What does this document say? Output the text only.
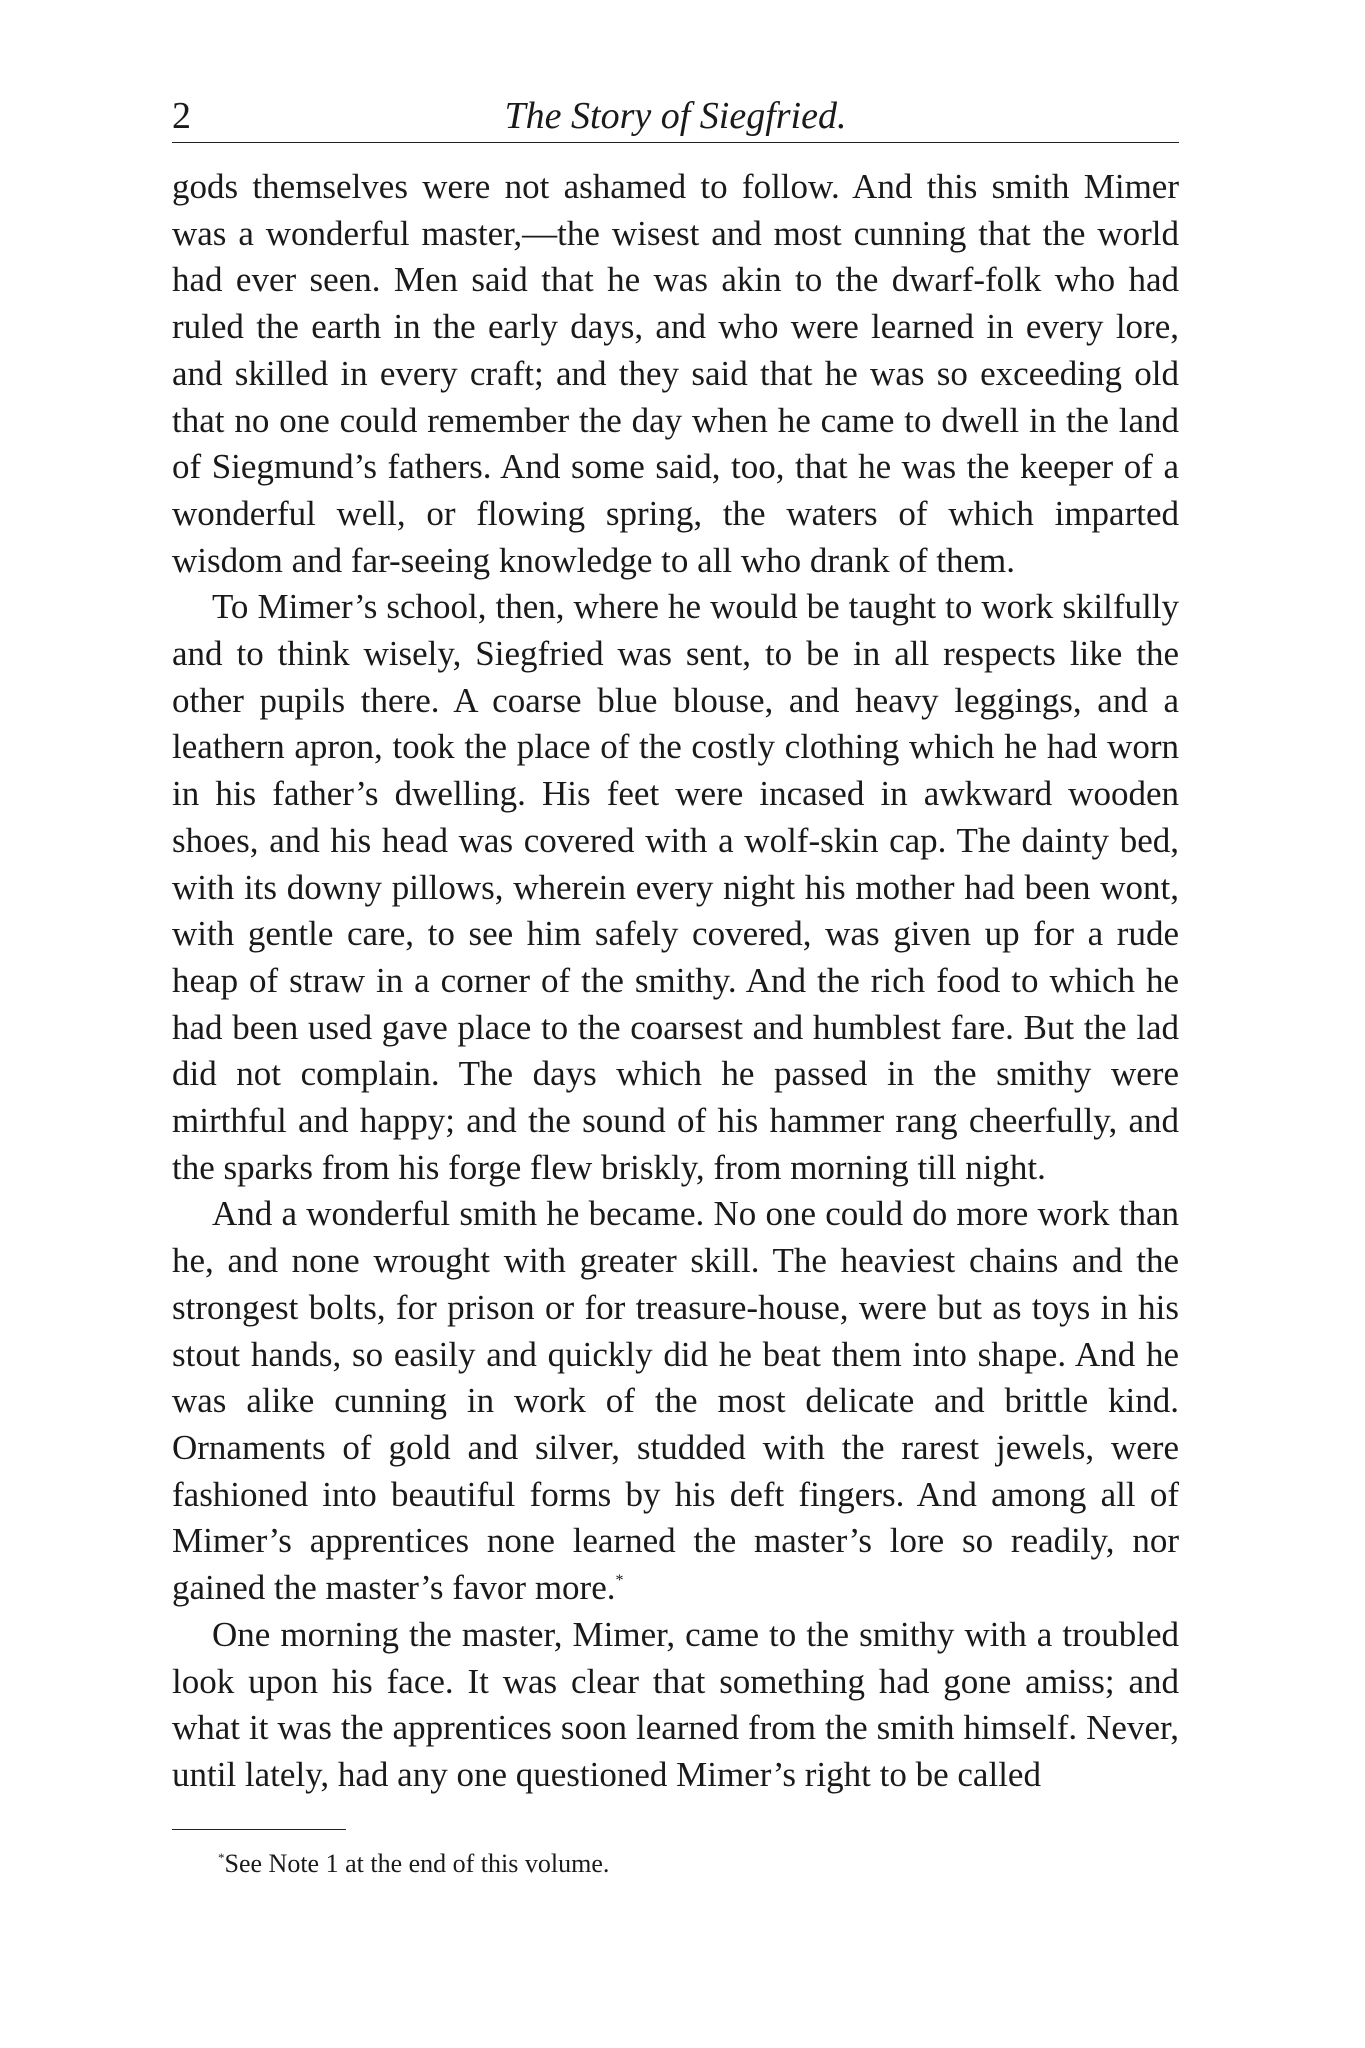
2	The Story of Siegfried.

gods themselves were not ashamed to follow. And this smith Mimer was a wonderful master,—the wisest and most cunning that the world had ever seen. Men said that he was akin to the dwarf-folk who had ruled the earth in the early days, and who were learned in every lore, and skilled in every craft; and they said that he was so exceeding old that no one could remember the day when he came to dwell in the land of Siegmund’s fathers. And some said, too, that he was the keeper of a wonderful well, or flowing spring, the waters of which imparted wisdom and far-seeing knowledge to all who drank of them.

To Mimer’s school, then, where he would be taught to work skilfully and to think wisely, Siegfried was sent, to be in all respects like the other pupils there. A coarse blue blouse, and heavy leggings, and a leathern apron, took the place of the costly clothing which he had worn in his father’s dwelling. His feet were incased in awkward wooden shoes, and his head was covered with a wolf-skin cap. The dainty bed, with its downy pillows, wherein every night his mother had been wont, with gentle care, to see him safely covered, was given up for a rude heap of straw in a corner of the smithy. And the rich food to which he had been used gave place to the coarsest and humblest fare. But the lad did not complain. The days which he passed in the smithy were mirthful and happy; and the sound of his hammer rang cheerfully, and the sparks from his forge flew briskly, from morning till night.

And a wonderful smith he became. No one could do more work than he, and none wrought with greater skill. The heaviest chains and the strongest bolts, for prison or for treasure-house, were but as toys in his stout hands, so easily and quickly did he beat them into shape. And he was alike cunning in work of the most delicate and brittle kind. Ornaments of gold and silver, studded with the rarest jewels, were fashioned into beautiful forms by his deft fingers. And among all of Mimer’s apprentices none learned the master’s lore so readily, nor gained the master’s favor more.*

One morning the master, Mimer, came to the smithy with a troubled look upon his face. It was clear that something had gone amiss; and what it was the apprentices soon learned from the smith himself. Never, until lately, had any one questioned Mimer’s right to be called

*See Note 1 at the end of this volume.
